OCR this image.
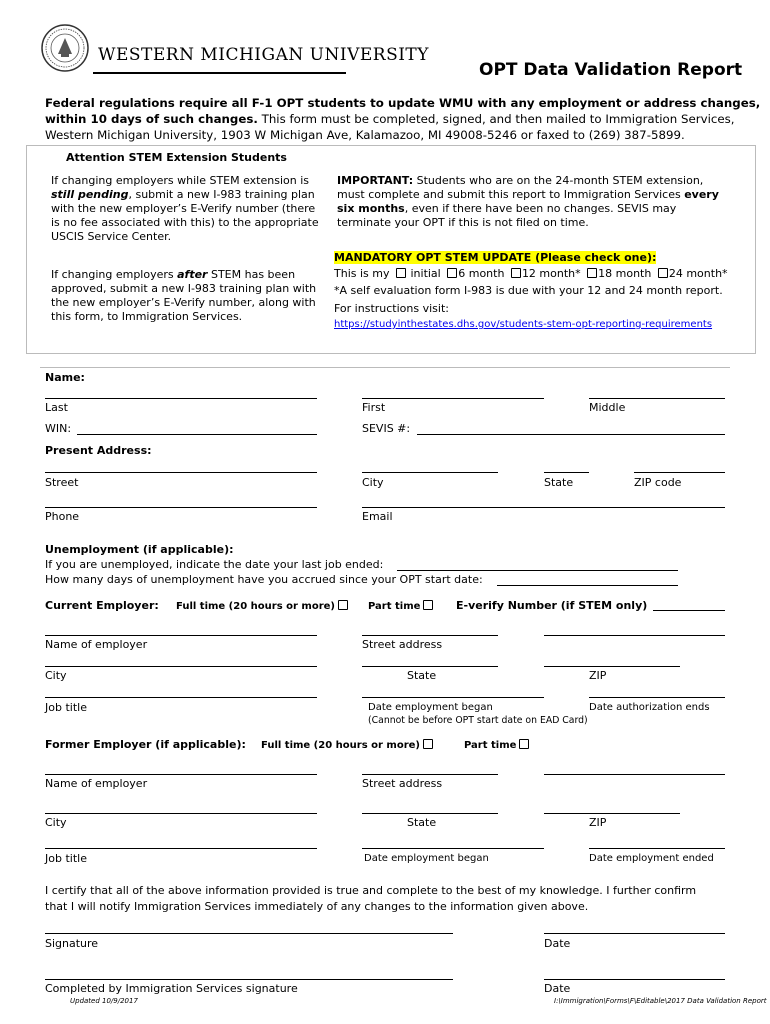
WESTERN MICHIGAN UNIVERSITY
OPT Data Validation Report
Federal regulations require all F-1 OPT students to update WMU with any employment or address changes,
within 10 days of such changes. This form must be completed, signed, and then mailed to Immigration Services,
Western Michigan University, 1903 W Michigan Ave, Kalamazoo, MI 49008-5246 or faxed to (269) 387-5899.
Attention STEM Extension Students
If changing employers while STEM extension is
still pending, submit a new I-983 training plan
with the new employer’s E-Verify number (there
is no fee associated with this) to the appropriate
USCIS Service Center.
If changing employers after STEM has been
approved, submit a new I-983 training plan with
the new employer’s E-Verify number, along with
this form, to Immigration Services.
IMPORTANT: Students who are on the 24-month STEM extension,
must complete and submit this report to Immigration Services every
six months, even if there have been no changes. SEVIS may
terminate your OPT if this is not filed on time.
MANDATORY OPT STEM UPDATE (Please check one):
This is my  initial 6 month 12 month* 18 month 24 month*
*A self evaluation form I-983 is due with your 12 and 24 month report.
For instructions visit:
https://studyinthestates.dhs.gov/students-stem-opt-reporting-requirements
Name:
Last	First	Middle
WIN:	SEVIS #:
Present Address:
Street	City	State	ZIP code
Phone	Email
Unemployment (if applicable):
If you are unemployed, indicate the date your last job ended:
How many days of unemployment have you accrued since your OPT start date:
Current Employer: Full time (20 hours or more)	Part time	E-verify Number (if STEM only)
Name of employer	Street address
City	State	ZIP
Job title	Date employment began	Date authorization ends
(Cannot be before OPT start date on EAD Card)
Former Employer (if applicable): Full time (20 hours or more)	Part time
Name of employer	Street address
City	State	ZIP
Job title	Date employment began	Date employment ended
I certify that all of the above information provided is true and complete to the best of my knowledge. I further confirm
that I will notify Immigration Services immediately of any changes to the information given above.
Signature	Date
Completed by Immigration Services signature	Date
Updated 10/9/2017	I:\Immigration\Forms\F\Editable\2017 Data Validation Report
